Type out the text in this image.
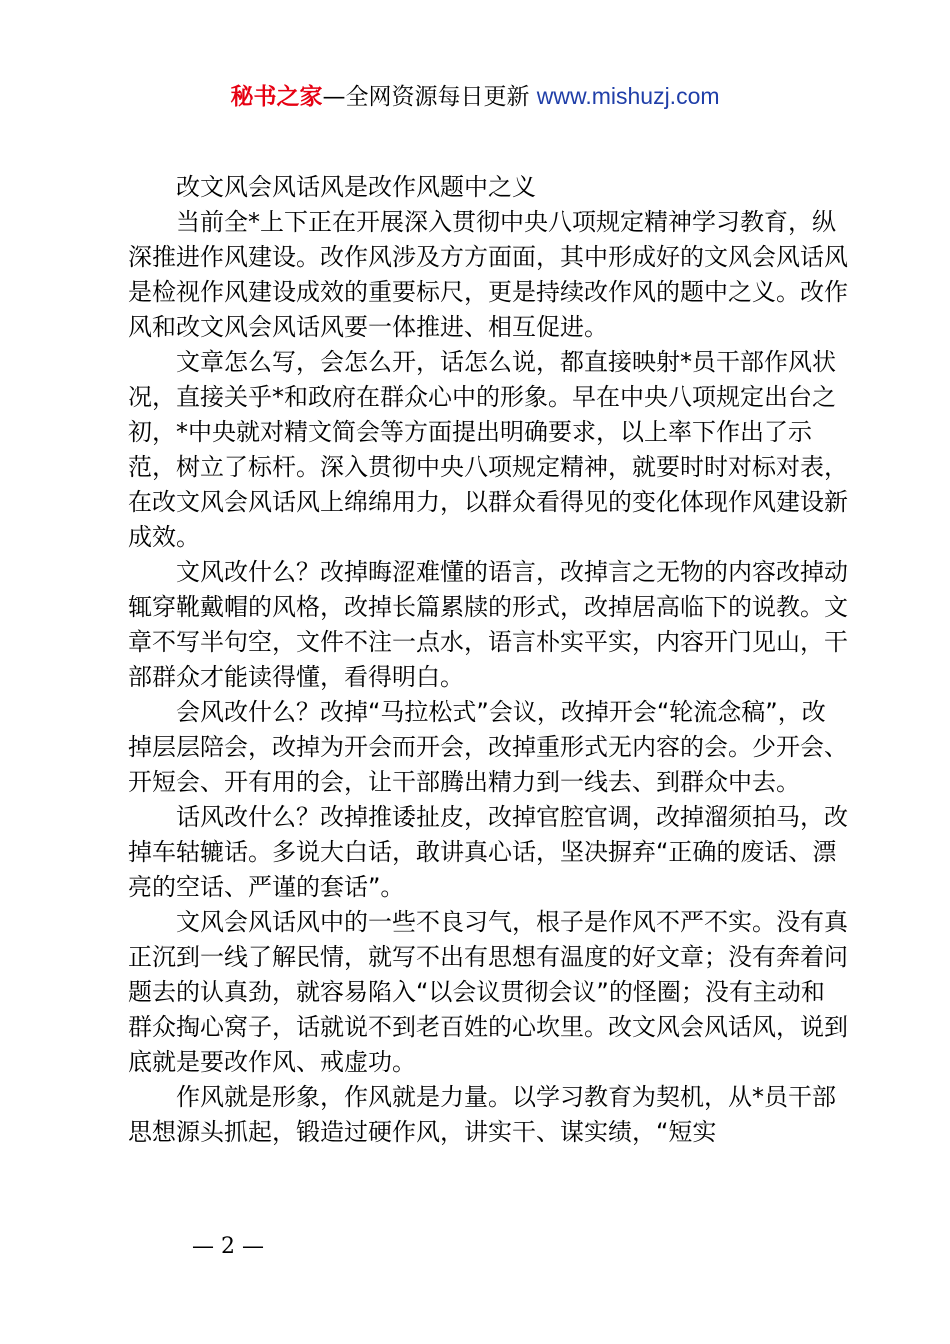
秘书之家—全网资源每日更新 www.mishuzj.com

改文风会风话风是改作风题中之义

当前全*上下正在开展深入贯彻中央八项规定精神学习教育，纵深推进作风建设。改作风涉及方方面面，其中形成好的文风会风话风是检视作风建设成效的重要标尺，更是持续改作风的题中之义。改作风和改文风会风话风要一体推进、相互促进。

文章怎么写，会怎么开，话怎么说，都直接映射*员干部作风状况，直接关乎*和政府在群众心中的形象。早在中央八项规定出台之初，*中央就对精文简会等方面提出明确要求，以上率下作出了示范，树立了标杆。深入贯彻中央八项规定精神，就要时时对标对表，在改文风会风话风上绵绵用力，以群众看得见的变化体现作风建设新成效。

文风改什么？改掉晦涩难懂的语言，改掉言之无物的内容改掉动辄穿靴戴帽的风格，改掉长篇累牍的形式，改掉居高临下的说教。文章不写半句空，文件不注一点水，语言朴实平实，内容开门见山，干部群众才能读得懂，看得明白。

会风改什么？改掉“马拉松式”会议，改掉开会“轮流念稿”，改掉层层陪会，改掉为开会而开会，改掉重形式无内容的会。少开会、开短会、开有用的会，让干部腾出精力到一线去、到群众中去。

话风改什么？改掉推诿扯皮，改掉官腔官调，改掉溜须拍马，改掉车轱辘话。多说大白话，敢讲真心话，坚决摒弃“正确的废话、漂亮的空话、严谨的套话”。

文风会风话风中的一些不良习气，根子是作风不严不实。没有真正沉到一线了解民情，就写不出有思想有温度的好文章；没有奔着问题去的认真劲，就容易陷入“以会议贯彻会议”的怪圈；没有主动和群众掏心窝子，话就说不到老百姓的心坎里。改文风会风话风，说到底就是要改作风、戒虚功。

作风就是形象，作风就是力量。以学习教育为契机，从*员干部思想源头抓起，锻造过硬作风，讲实干、谋实绩，“短实

— 2 —
